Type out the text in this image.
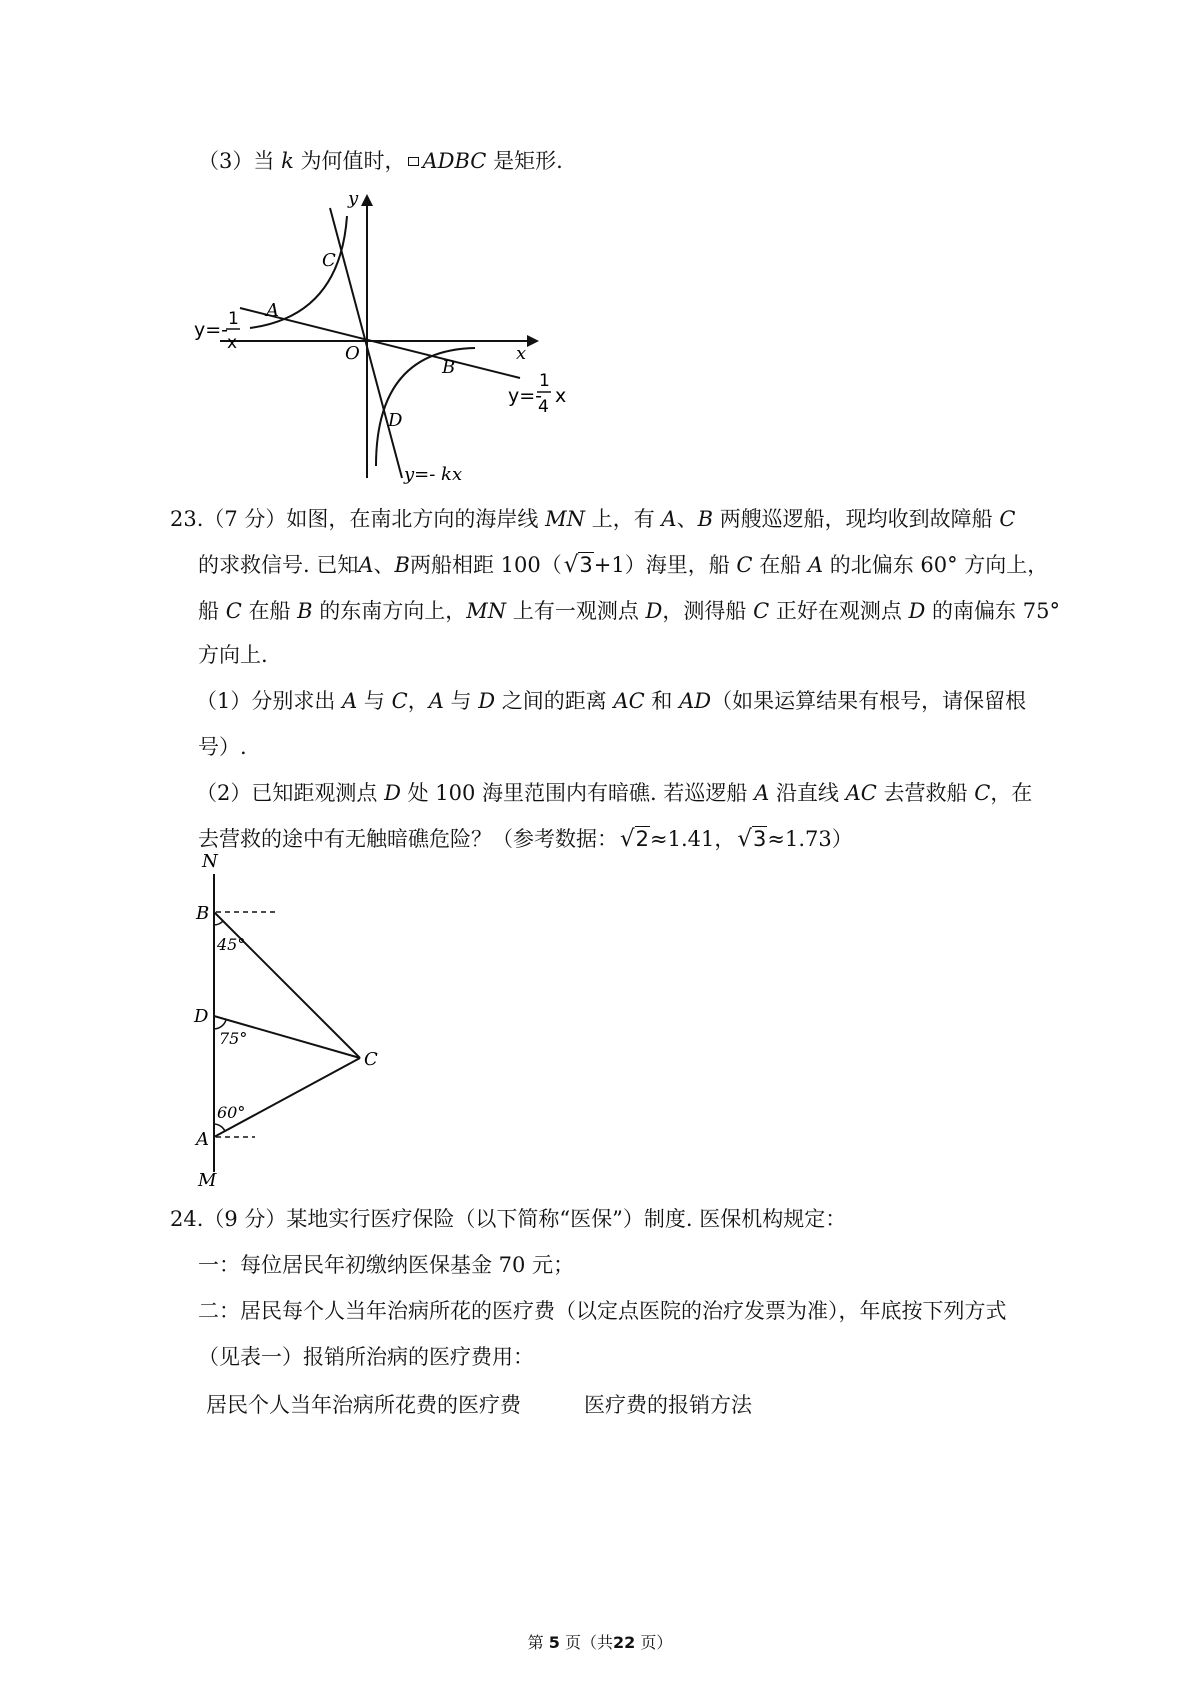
（3）当 k 为何值时， ADBC 是矩形.
y
x
O
C
A
B
D
y=- 1
x
y=-
1
4 x
y=- kx
23.（7 分）如图，在南北方向的海岸线 MN 上，有 A、B 两艘巡逻船，现均收到故障船 C
的求救信号. 已知A、B两船相距 100（√3+1）海里，船 C 在船 A 的北偏东 60° 方向上，
船 C 在船 B 的东南方向上，MN 上有一观测点 D，测得船 C 正好在观测点 D 的南偏东 75°
方向上.
（1）分别求出 A 与 C，A 与 D 之间的距离 AC 和 AD（如果运算结果有根号，请保留根
号）.
（2）已知距观测点 D 处 100 海里范围内有暗礁. 若巡逻船 A 沿直线 AC 去营救船 C，在
去营救的途中有无触暗礁危险？（参考数据：√2≈1.41，√3≈1.73）
N
B
D
C
A
M
45°
75°
60°
24.（9 分）某地实行医疗保险（以下简称“医保”）制度. 医保机构规定：
一：每位居民年初缴纳医保基金 70 元；
二：居民每个人当年治病所花的医疗费（以定点医院的治疗发票为准），年底按下列方式
（见表一）报销所治病的医疗费用：
居民个人当年治病所花费的医疗费	医疗费的报销方法
第 5 页（共22 页）
